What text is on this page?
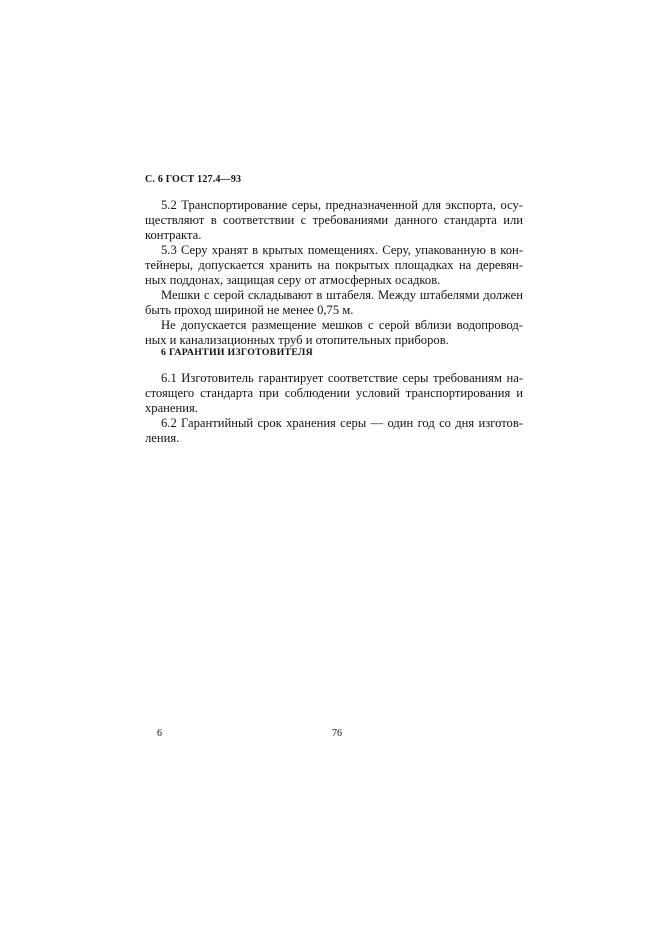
С. 6 ГОСТ 127.4—93
5.2 Транспортирование серы, предназначенной для экспорта, осу-
ществляют в соответствии с требованиями данного стандарта или
контракта.
5.3 Серу хранят в крытых помещениях. Серу, упакованную в кон-
тейнеры, допускается хранить на покрытых площадках на деревян-
ных поддонах, защищая серу от атмосферных осадков.
Мешки с серой складывают в штабеля. Между штабелями должен
быть проход шириной не менее 0,75 м.
Не допускается размещение мешков с серой вблизи водопровод-
ных и канализационных труб и отопительных приборов.
6 ГАРАНТИИ ИЗГОТОВИТЕЛЯ
6.1 Изготовитель гарантирует соответствие серы требованиям на-
стоящего стандарта при соблюдении условий транспортирования и
хранения.
6.2 Гарантийный срок хранения серы — один год со дня изготов-
ления.
6	76
